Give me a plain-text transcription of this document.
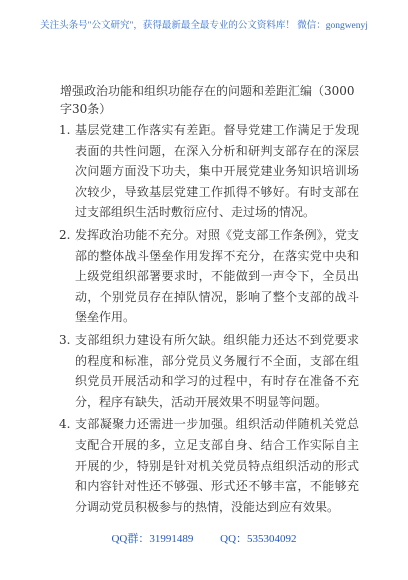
关注头条号"公文研究"，获得最新最全最专业的公文资料库！ 微信：gongwenyj
增强政治功能和组织功能存在的问题和差距汇编（3000字30条）
1. 基层党建工作落实有差距。督导党建工作满足于发现表面的共性问题，在深入分析和研判支部存在的深层次问题方面没下功夫，集中开展党建业务知识培训场次较少，导致基层党建工作抓得不够好。有时支部在过支部组织生活时敷衍应付、走过场的情况。
2. 发挥政治功能不充分。对照《党支部工作条例》，党支部的整体战斗堡垒作用发挥不充分，在落实党中央和上级党组织部署要求时，不能做到一声令下，全员出动，个别党员存在掉队情况，影响了整个支部的战斗堡垒作用。
3. 支部组织力建设有所欠缺。组织能力还达不到党要求的程度和标准，部分党员义务履行不全面，支部在组织党员开展活动和学习的过程中，有时存在准备不充分，程序有缺失，活动开展效果不明显等问题。
4. 支部凝聚力还需进一步加强。组织活动伴随机关党总支配合开展的多，立足支部自身、结合工作实际自主开展的少，特别是针对机关党员特点组织活动的形式和内容针对性还不够强、形式还不够丰富，不能够充分调动党员积极参与的热情，没能达到应有效果。
QQ群：31991489 QQ：535304092
